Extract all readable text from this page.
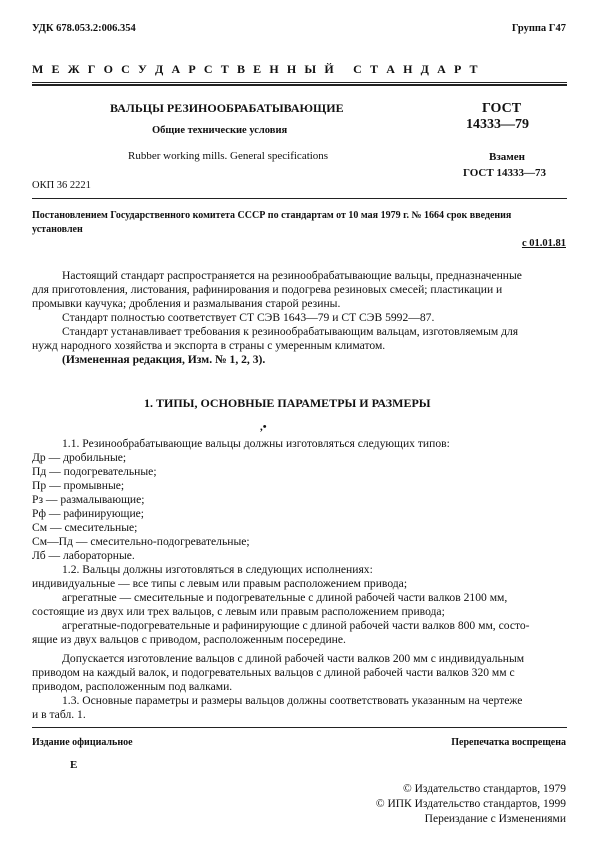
УДК 678.053.2:006.354	Группа Г47
М Е Ж Г О С У Д А Р С Т В Е Н Н Ы Й   С Т А Н Д А Р Т
ВАЛЬЦЫ РЕЗИНООБРАБАТЫВАЮЩИЕ
Общие технические условия
Rubber working mills. General specifications
ГОСТ
14333—79
Взамен
ГОСТ 14333—73
ОКП 36 2221
Постановлением Государственного комитета СССР по стандартам от 10 мая 1979 г. № 1664 срок введения
установлен
с 01.01.81
Настоящий стандарт распространяется на резинообрабатывающие вальцы, предназначенные
для приготовления, листования, рафинирования и подогрева резиновых смесей; пластикации и
промывки каучука; дробления и размалывания старой резины.
Стандарт полностью соответствует СТ СЭВ 1643—79 и СТ СЭВ 5992—87.
Стандарт устанавливает требования к резинообрабатывающим вальцам, изготовляемым для
нужд народного хозяйства и экспорта в страны с умеренным климатом.
(Измененная редакция, Изм. № 1, 2, 3).
1. ТИПЫ, ОСНОВНЫЕ ПАРАМЕТРЫ И РАЗМЕРЫ
,•
1.1. Резинообрабатывающие вальцы должны изготовляться следующих типов:
Др — дробильные;
Пд — подогревательные;
Пр — промывные;
Рз — размалывающие;
Рф — рафинирующие;
См — смесительные;
См—Пд — смесительно-подогревательные;
Лб — лабораторные.
1.2. Вальцы должны изготовляться в следующих исполнениях:
индивидуальные — все типы с левым или правым расположением привода;
агрегатные — смесительные и подогревательные с длиной рабочей части валков 2100 мм,
состоящие из двух или трех вальцов, с левым или правым расположением привода;
агрегатные-подогревательные и рафинирующие с длиной рабочей части валков 800 мм, состо-
ящие из двух вальцов с приводом, расположенным посередине.
Допускается изготовление вальцов с длиной рабочей части валков 200 мм с индивидуальным
приводом на каждый валок, и подогревательных вальцов с длиной рабочей части валков 320 мм с
приводом, расположенным под валками.
1.3. Основные параметры и размеры вальцов должны соответствовать указанным на чертеже
и в табл. 1.
Издание официальное	Перепечатка воспрещена
Е
© Издательство стандартов, 1979
© ИПК Издательство стандартов, 1999
Переиздание с Изменениями
